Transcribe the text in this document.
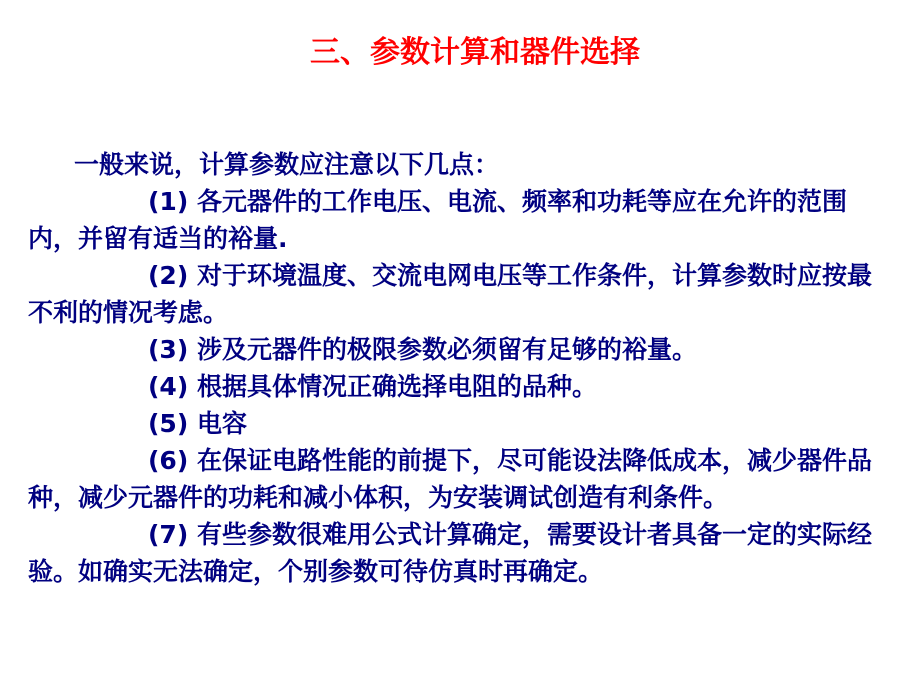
三、参数计算和器件选择
一般来说，计算参数应注意以下几点：
(1) 各元器件的工作电压、电流、频率和功耗等应在允许的范围内，并留有适当的裕量.
(2) 对于环境温度、交流电网电压等工作条件，计算参数时应按最不利的情况考虑。
(3) 涉及元器件的极限参数必须留有足够的裕量。
(4) 根据具体情况正确选择电阻的品种。
(5) 电容
(6) 在保证电路性能的前提下，尽可能设法降低成本，减少器件品种，减少元器件的功耗和减小体积，为安装调试创造有利条件。
(7) 有些参数很难用公式计算确定，需要设计者具备一定的实际经验。如确实无法确定，个别参数可待仿真时再确定。
